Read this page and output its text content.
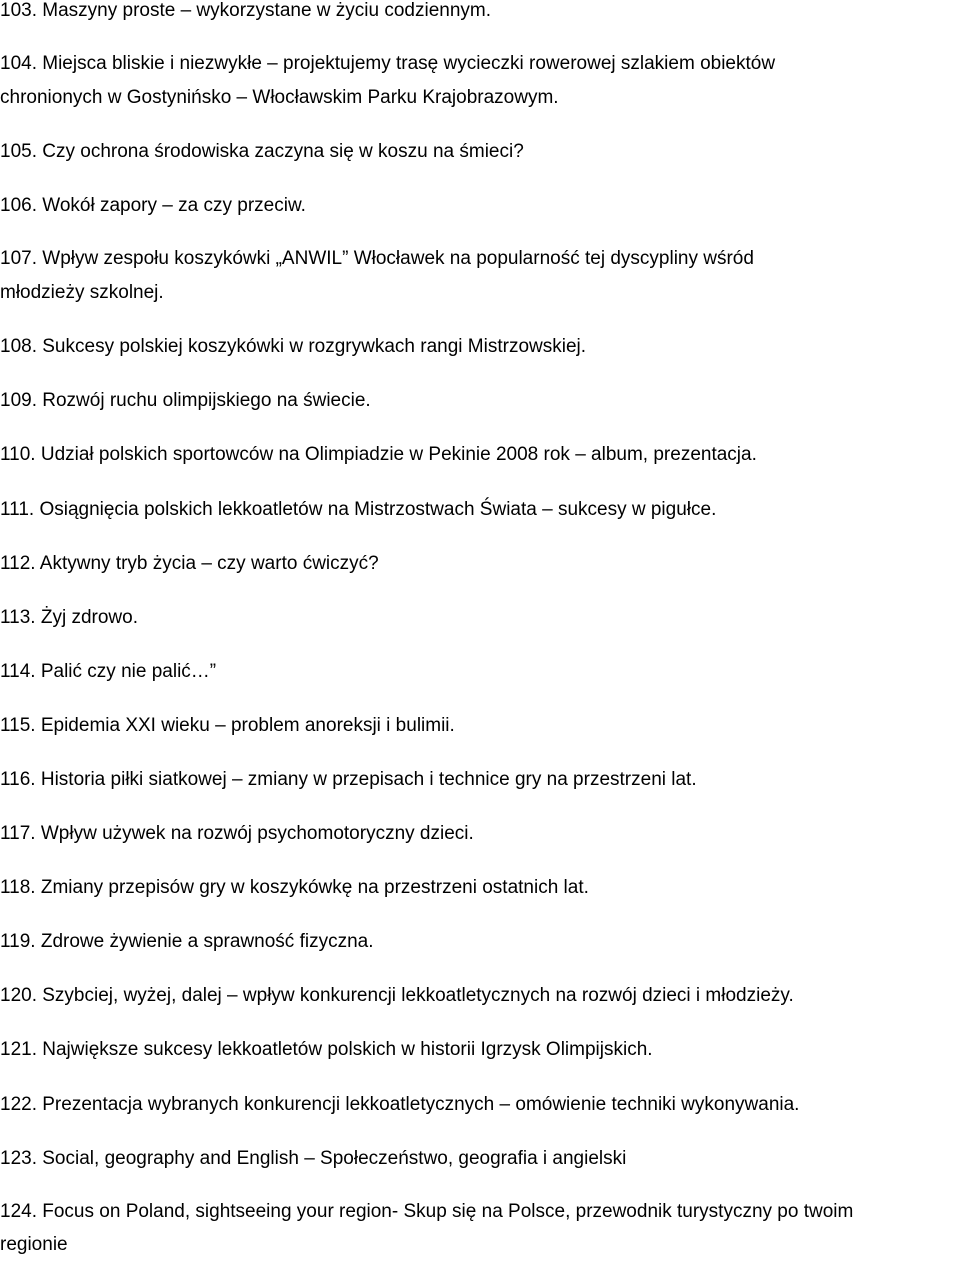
103. Maszyny proste – wykorzystane w życiu codziennym.
104. Miejsca bliskie i niezwykłe – projektujemy trasę wycieczki rowerowej szlakiem obiektów
chronionych w Gostynińsko – Włocławskim Parku Krajobrazowym.
105. Czy ochrona środowiska zaczyna się w koszu na śmieci?
106. Wokół zapory – za czy przeciw.
107. Wpływ zespołu koszykówki „ANWIL” Włocławek na popularność tej dyscypliny wśród
młodzieży szkolnej.
108. Sukcesy polskiej koszykówki w rozgrywkach rangi Mistrzowskiej.
109. Rozwój ruchu olimpijskiego na świecie.
110. Udział polskich sportowców na Olimpiadzie w Pekinie 2008 rok – album, prezentacja.
111. Osiągnięcia polskich lekkoatletów na Mistrzostwach Świata – sukcesy w pigułce.
112. Aktywny tryb życia – czy warto ćwiczyć?
113. Żyj zdrowo.
114. Palić czy nie palić…”
115. Epidemia XXI wieku – problem anoreksji i bulimii.
116. Historia piłki siatkowej – zmiany w przepisach i technice gry na przestrzeni lat.
117. Wpływ używek na rozwój psychomotoryczny dzieci.
118. Zmiany przepisów gry w koszykówkę na przestrzeni ostatnich lat.
119. Zdrowe żywienie a sprawność fizyczna.
120. Szybciej, wyżej, dalej – wpływ konkurencji lekkoatletycznych na rozwój dzieci i młodzieży.
121. Największe sukcesy lekkoatletów polskich w historii Igrzysk Olimpijskich.
122. Prezentacja wybranych konkurencji lekkoatletycznych – omówienie techniki wykonywania.
123. Social, geography and English – Społeczeństwo, geografia i angielski
124. Focus on Poland, sightseeing your region- Skup się na Polsce, przewodnik turystyczny po twoim
regionie
